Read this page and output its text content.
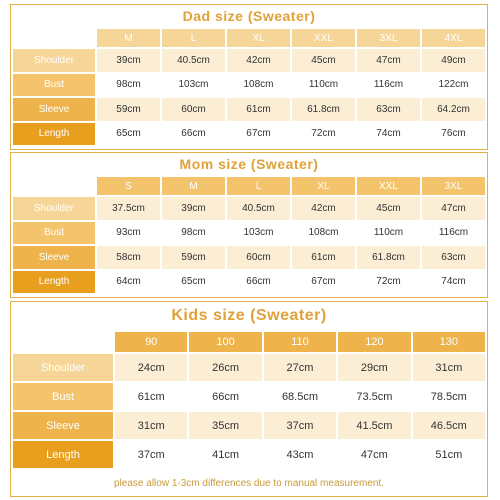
Dad size (Sweater)
	M	L	XL	XXL	3XL	4XL
Shoulder	39cm	40.5cm	42cm	45cm	47cm	49cm
Bust	98cm	103cm	108cm	110cm	116cm	122cm
Sleeve	59cm	60cm	61cm	61.8cm	63cm	64.2cm
Length	65cm	66cm	67cm	72cm	74cm	76cm
Mom size (Sweater)
	S	M	L	XL	XXL	3XL
Shoulder	37.5cm	39cm	40.5cm	42cm	45cm	47cm
Bust	93cm	98cm	103cm	108cm	110cm	116cm
Sleeve	58cm	59cm	60cm	61cm	61.8cm	63cm
Length	64cm	65cm	66cm	67cm	72cm	74cm
Kids size (Sweater)
	90	100	110	120	130
Shoulder	24cm	26cm	27cm	29cm	31cm
Bust	61cm	66cm	68.5cm	73.5cm	78.5cm
Sleeve	31cm	35cm	37cm	41.5cm	46.5cm
Length	37cm	41cm	43cm	47cm	51cm
please allow 1-3cm differences due to manual measurement.
